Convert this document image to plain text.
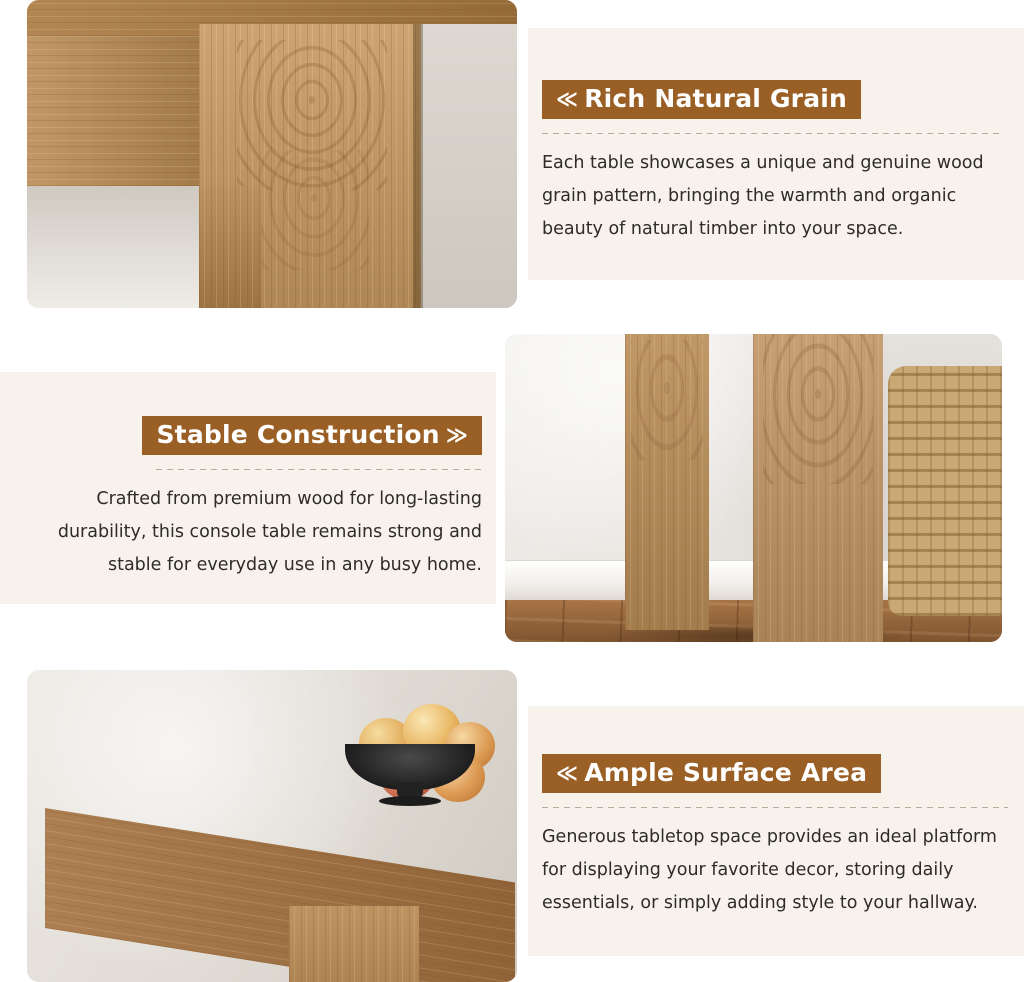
≪ Rich Natural Grain
Each table showcases a unique and genuine wood grain pattern, bringing the warmth and organic beauty of natural timber into your space.
Stable Construction ≫
Crafted from premium wood for long-lasting durability, this console table remains strong and stable for everyday use in any busy home.
≪ Ample Surface Area
Generous tabletop space provides an ideal platform for displaying your favorite decor, storing daily essentials, or simply adding style to your hallway.
